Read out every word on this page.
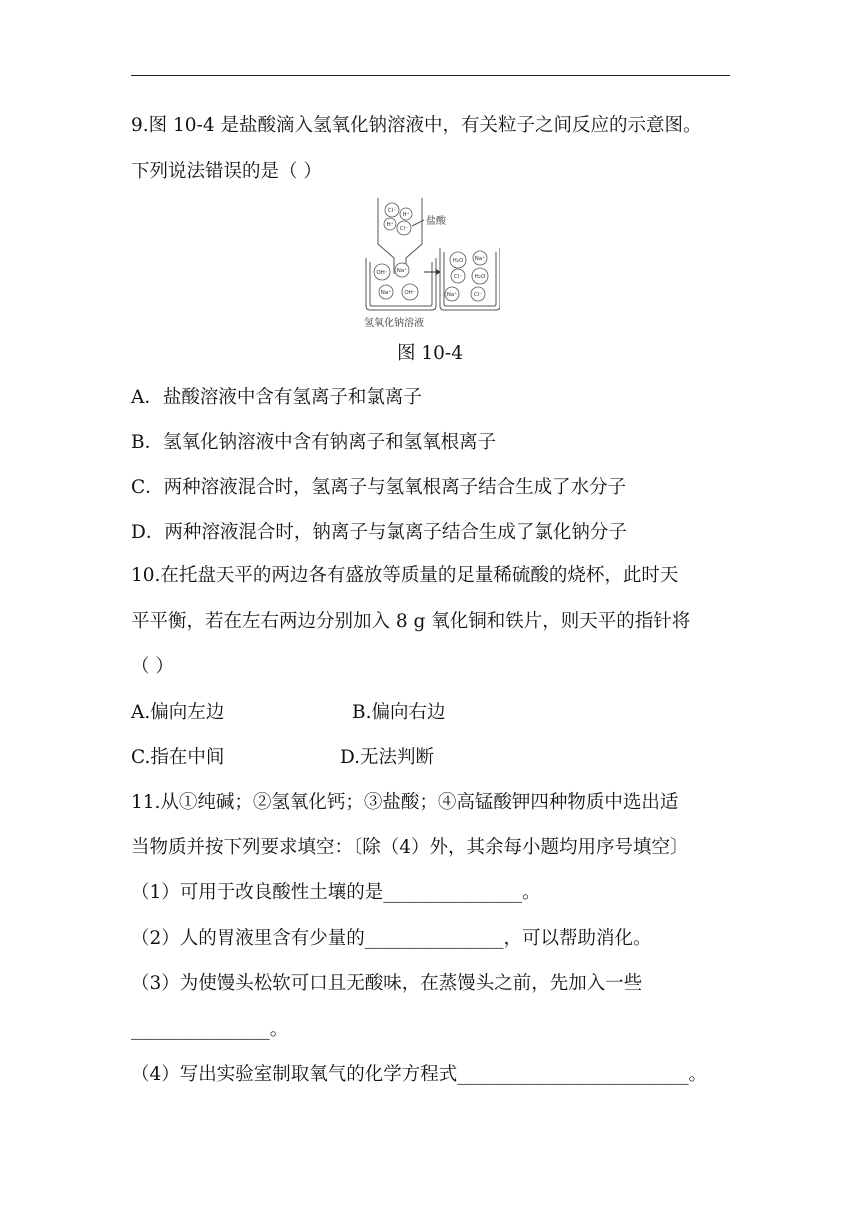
9.图 10-4 是盐酸滴入氢氧化钠溶液中，有关粒子之间反应的示意图。
下列说法错误的是（ ）
Cl⁻
H⁺
H⁺
Cl⁻
盐酸
OH⁻ Na⁺
Na⁺ OH⁻
H₂O Na⁺
Cl⁻ H₂O
Na⁺	Cl⁻
氢氧化钠溶液
图 10-4
A．盐酸溶液中含有氢离子和氯离子
B．氢氧化钠溶液中含有钠离子和氢氧根离子
C．两种溶液混合时，氢离子与氢氧根离子结合生成了水分子
D．两种溶液混合时，钠离子与氯离子结合生成了氯化钠分子
10.在托盘天平的两边各有盛放等质量的足量稀硫酸的烧杯，此时天
平平衡，若在左右两边分别加入 8 g 氧化铜和铁片，则天平的指针将
（ ）
A.偏向左边	B.偏向右边
C.指在中间	D.无法判断
11.从①纯碱；②氢氧化钙；③盐酸；④高锰酸钾四种物质中选出适
当物质并按下列要求填空：〔除（4）外，其余每小题均用序号填空〕
（1）可用于改良酸性土壤的是_______________。
（2）人的胃液里含有少量的_______________，可以帮助消化。
（3）为使馒头松软可口且无酸味，在蒸馒头之前，先加入一些
_______________。
（4）写出实验室制取氧气的化学方程式_________________________。
